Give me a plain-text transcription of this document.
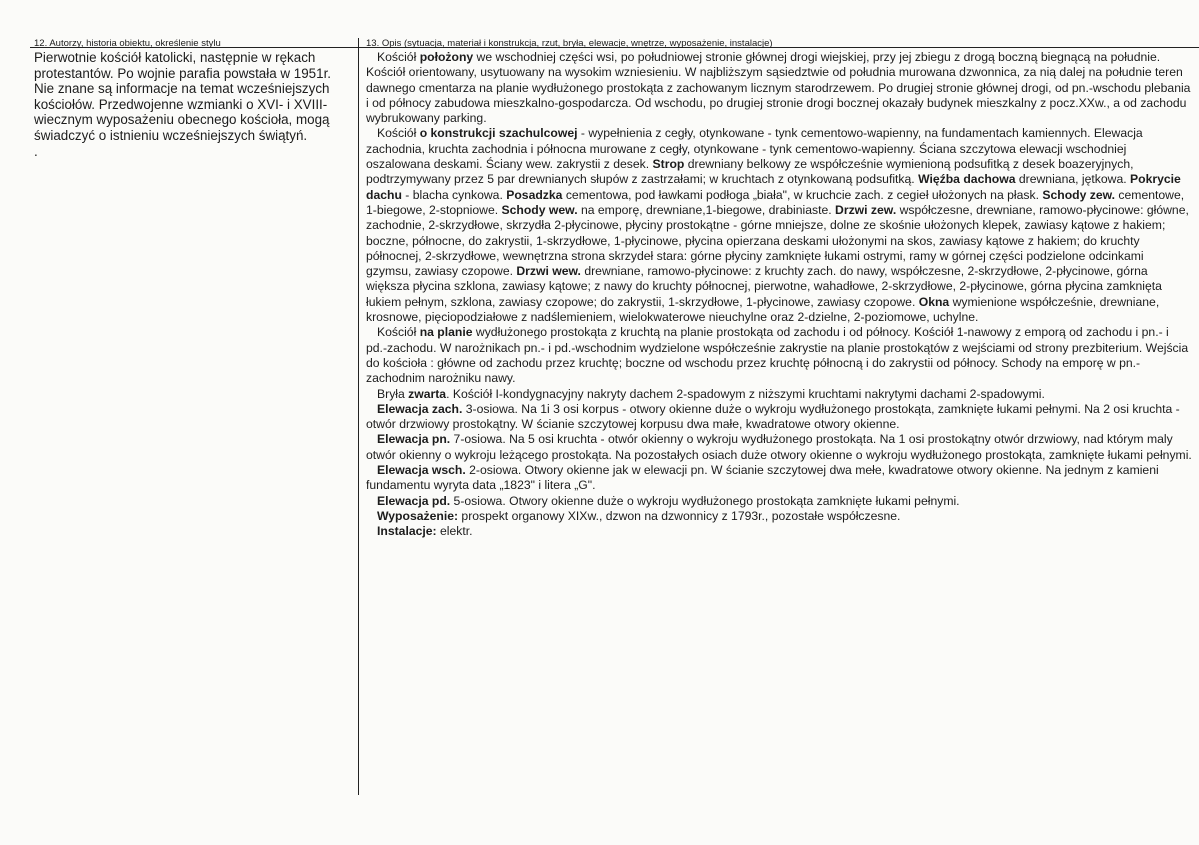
12. Autorzy, historia obiektu, określenie stylu
Pierwotnie kościół katolicki, następnie w rękach
protestantów. Po wojnie parafia powstała w 1951r.
Nie znane są informacje na temat wcześniejszych
kościołów. Przedwojenne wzmianki o XVI- i XVIII-
wiecznym wyposażeniu obecnego kościoła, mogą
świadczyć o istnieniu wcześniejszych świątyń.
.
13. Opis (sytuacja, materiał i konstrukcja, rzut, bryła, elewacje, wnętrze, wyposażenie, instalacje)

Kościół położony we wschodniej części wsi, po południowej stronie głównej drogi wiejskiej, przy jej zbiegu z drogą boczną biegnącą na południe. Kościół orientowany, usytuowany na wysokim wzniesieniu. W najbliższym sąsiedztwie od południa murowana dzwonnica, za nią dalej na południe teren dawnego cmentarza na planie wydłużonego prostokąta z zachowanym licznym starodrzewem. Po drugiej stronie głównej drogi, od pn.-wschodu plebania i od północy zabudowa mieszkalno-gospodarcza. Od wschodu, po drugiej stronie drogi bocznej okazały budynek mieszkalny z pocz.XXw., a od zachodu wybrukowany parking.

Kościół o konstrukcji szachulcowej - wypełnienia z cegły, otynkowane - tynk cementowo-wapienny, na fundamentach kamiennych. Elewacja zachodnia, kruchta zachodnia i północna murowane z cegły, otynkowane - tynk cementowo-wapienny. Ściana szczytowa elewacji wschodniej oszalowana deskami. Ściany wew. zakrystii z desek. Strop drewniany belkowy ze współcześnie wymienioną podsufitką z desek boazeryjnych, podtrzymywany przez 5 par drewnianych słupów z zastrzałami; w kruchtach z otynkowaną podsufitką. Więźba dachowa drewniana, jętkowa. Pokrycie dachu - blacha cynkowa. Posadzka cementowa, pod ławkami podłoga „biała", w kruchcie zach. z cegieł ułożonych na płask. Schody zew. cementowe, 1-biegowe, 2-stopniowe. Schody wew. na emporę, drewniane,1-biegowe, drabiniaste. Drzwi zew. współczesne, drewniane, ramowo-płycinowe: główne, zachodnie, 2-skrzydłowe, skrzydła 2-płycinowe, płyciny prostokątne - górne mniejsze, dolne ze skośnie ułożonych klepek, zawiasy kątowe z hakiem; boczne, północne, do zakrystii, 1-skrzydłowe, 1-płycinowe, płycina opierzana deskami ułożonymi na skos, zawiasy kątowe z hakiem; do kruchty północnej, 2-skrzydłowe, wewnętrzna strona skrzydeł stara: górne płyciny zamknięte łukami ostrymi, ramy w górnej części podzielone odcinkami gzymsu, zawiasy czopowe. Drzwi wew. drewniane, ramowo-płycinowe: z kruchty zach. do nawy, współczesne, 2-skrzydłowe, 2-płycinowe, górna większa płycina szklona, zawiasy kątowe; z nawy do kruchty północnej, pierwotne, wahadłowe, 2-skrzydłowe, 2-płycinowe, górna płycina zamknięta łukiem pełnym, szklona, zawiasy czopowe; do zakrystii, 1-skrzydłowe, 1-płycinowe, zawiasy czopowe. Okna wymienione współcześnie, drewniane, krosnowe, pięciopodziałowe z nadślemieniem, wielokwaterowe nieuchylne oraz 2-dzielne, 2-poziomowe, uchylne.

Kościół na planie wydłużonego prostokąta z kruchtą na planie prostokąta od zachodu i od północy. Kościół 1-nawowy z emporą od zachodu i pn.- i pd.-zachodu. W narożnikach pn.- i pd.-wschodnim wydzielone współcześnie zakrystie na planie prostokątów z wejściami od strony prezbiterium. Wejścia do kościoła : główne od zachodu przez kruchtę; boczne od wschodu przez kruchtę północną i do zakrystii od północy. Schody na emporę w pn.-zachodnim narożniku nawy.

Bryła zwarta. Kościół I-kondygnacyjny nakryty dachem 2-spadowym z niższymi kruchtami nakrytymi dachami 2-spadowymi.

Elewacja zach. 3-osiowa. Na 1i 3 osi korpus - otwory okienne duże o wykroju wydłużonego prostokąta, zamknięte łukami pełnymi. Na 2 osi kruchta - otwór drzwiowy prostokątny. W ścianie szczytowej korpusu dwa małe, kwadratowe otwory okienne.

Elewacja pn. 7-osiowa. Na 5 osi kruchta - otwór okienny o wykroju wydłużonego prostokąta. Na 1 osi prostokątny otwór drzwiowy, nad którym maly otwór okienny o wykroju leżącego prostokąta. Na pozostałych osiach duże otwory okienne o wykroju wydłużonego prostokąta, zamknięte łukami pełnymi.

Elewacja wsch. 2-osiowa. Otwory okienne jak w elewacji pn. W ścianie szczytowej dwa mełe, kwadratowe otwory okienne. Na jednym z kamieni fundamentu wyryta data „1823" i litera „G".

Elewacja pd. 5-osiowa. Otwory okienne duże o wykroju wydłużonego prostokąta zamknięte łukami pełnymi.

Wyposażenie: prospekt organowy XIXw., dzwon na dzwonnicy z 1793r., pozostałe współczesne.

Instalacje: elektr.
